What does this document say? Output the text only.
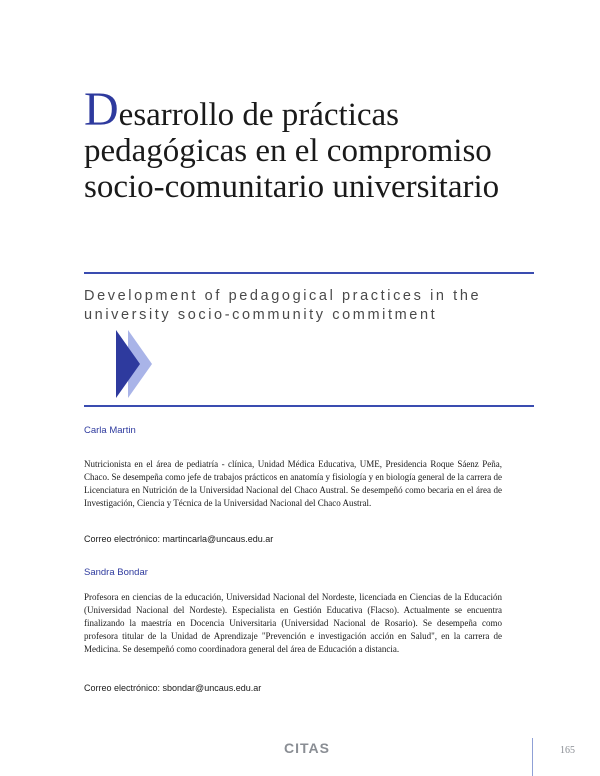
Desarrollo de prácticas pedagógicas en el compromiso socio-comunitario universitario

Development of pedagogical practices in the university socio-community commitment

Carla Martin

Nutricionista en el área de pediatría - clínica, Unidad Médica Educativa, UME, Presidencia Roque Sáenz Peña, Chaco. Se desempeña como jefe de trabajos prácticos en anatomía y fisiología y en biología general de la carrera de Licenciatura en Nutrición de la Universidad Nacional del Chaco Austral. Se desempeñó como becaria en el área de Investigación, Ciencia y Técnica de la Universidad Nacional del Chaco Austral.

Correo electrónico: martincarla@uncaus.edu.ar

Sandra Bondar

Profesora en ciencias de la educación, Universidad Nacional del Nordeste, licenciada en Ciencias de la Educación (Universidad Nacional del Nordeste). Especialista en Gestión Educativa (Flacso). Actualmente se encuentra finalizando la maestría en Docencia Universitaria (Universidad Nacional de Rosario). Se desempeña como profesora titular de la Unidad de Aprendizaje "Prevención e investigación acción en Salud", en la carrera de Medicina. Se desempeñó como coordinadora general del área de Educación a distancia.

Correo electrónico: sbondar@uncaus.edu.ar

CITAS	165
